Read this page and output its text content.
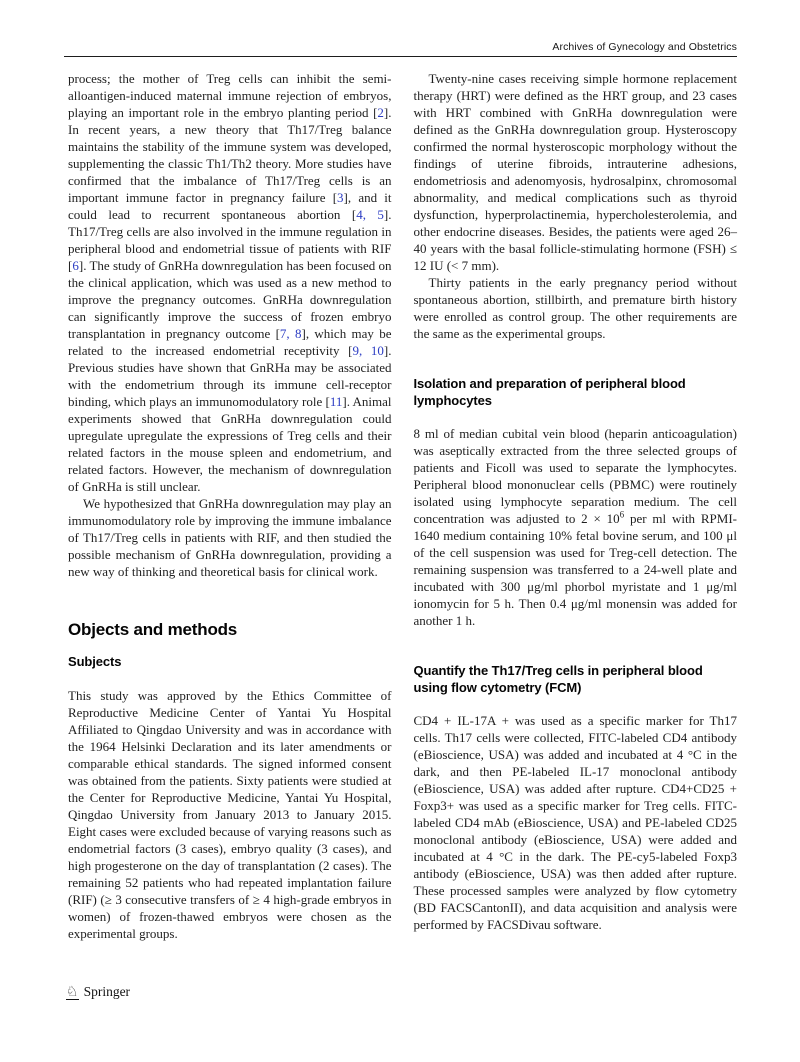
Archives of Gynecology and Obstetrics

process; the mother of Treg cells can inhibit the semi-alloantigen-induced maternal immune rejection of embryos, playing an important role in the embryo planting period [2]. In recent years, a new theory that Th17/Treg balance maintains the stability of the immune system was developed, supplementing the classic Th1/Th2 theory. More studies have confirmed that the imbalance of Th17/Treg cells is an important immune factor in pregnancy failure [3], and it could lead to recurrent spontaneous abortion [4, 5]. Th17/Treg cells are also involved in the immune regulation in peripheral blood and endometrial tissue of patients with RIF [6]. The study of GnRHa downregulation has been focused on the clinical application, which was used as a new method to improve the pregnancy outcomes. GnRHa downregulation can significantly improve the success of frozen embryo transplantation in pregnancy outcome [7, 8], which may be related to the increased endometrial receptivity [9, 10]. Previous studies have shown that GnRHa may be associated with the endometrium through its immune cell-receptor binding, which plays an immunomodulatory role [11]. Animal experiments showed that GnRHa downregulation could upregulate upregulate the expressions of Treg cells and their related factors in the mouse spleen and endometrium, and related factors. However, the mechanism of downregulation of GnRHa is still unclear.

We hypothesized that GnRHa downregulation may play an immunomodulatory role by improving the immune imbalance of Th17/Treg cells in patients with RIF, and then studied the possible mechanism of GnRHa downregulation, providing a new way of thinking and theoretical basis for clinical work.

Objects and methods
Subjects

This study was approved by the Ethics Committee of Reproductive Medicine Center of Yantai Yu Hospital Affiliated to Qingdao University and was in accordance with the 1964 Helsinki Declaration and its later amendments or comparable ethical standards. The signed informed consent was obtained from the patients. Sixty patients were studied at the Center for Reproductive Medicine, Yantai Yu Hospital, Qingdao University from January 2013 to January 2015. Eight cases were excluded because of varying reasons such as endometrial factors (3 cases), embryo quality (3 cases), and high progesterone on the day of transplantation (2 cases). The remaining 52 patients who had repeated implantation failure (RIF) (≥ 3 consecutive transfers of ≥ 4 high-grade embryos in women) of frozen-thawed embryos were chosen as the experimental groups.

Twenty-nine cases receiving simple hormone replacement therapy (HRT) were defined as the HRT group, and 23 cases with HRT combined with GnRHa downregulation were defined as the GnRHa downregulation group. Hysteroscopy confirmed the normal hysteroscopic morphology without the findings of uterine fibroids, intrauterine adhesions, endometriosis and adenomyosis, hydrosalpinx, chromosomal abnormality, and medical complications such as thyroid dysfunction, hyperprolactinemia, hypercholesterolemia, and other endocrine diseases. Besides, the patients were aged 26–40 years with the basal follicle-stimulating hormone (FSH) ≤ 12 IU (< 7 mm).

Thirty patients in the early pregnancy period without spontaneous abortion, stillbirth, and premature birth history were enrolled as control group. The other requirements are the same as the experimental groups.

Isolation and preparation of peripheral blood lymphocytes

8 ml of median cubital vein blood (heparin anticoagulation) was aseptically extracted from the three selected groups of patients and Ficoll was used to separate the lymphocytes. Peripheral blood mononuclear cells (PBMC) were routinely isolated using lymphocyte separation medium. The cell concentration was adjusted to $2 \times 10^6$ per ml with RPMI-1640 medium containing 10% fetal bovine serum, and 100 μl of the cell suspension was used for Treg-cell detection. The remaining suspension was transferred to a 24-well plate and incubated with 300 μg/ml phorbol myristate and 1 μg/ml ionomycin for 5 h. Then 0.4 μg/ml monensin was added for another 1 h.

Quantify the Th17/Treg cells in peripheral blood using flow cytometry (FCM)

CD4 + IL-17A + was used as a specific marker for Th17 cells. Th17 cells were collected, FITC-labeled CD4 antibody (eBioscience, USA) was added and incubated at 4 °C in the dark, and then PE-labeled IL-17 monoclonal antibody (eBioscience, USA) was added after rupture. CD4+CD25 + Foxp3+ was used as a specific marker for Treg cells. FITC-labeled CD4 mAb (eBioscience, USA) and PE-labeled CD25 monoclonal antibody (eBioscience, USA) were added and incubated at 4 °C in the dark. The PE-cy5-labeled Foxp3 antibody (eBioscience, USA) was then added after rupture. These processed samples were analyzed by flow cytometry (BD FACSCantonII), and data acquisition and analysis were performed by FACSDivau software.

♘ Springer
